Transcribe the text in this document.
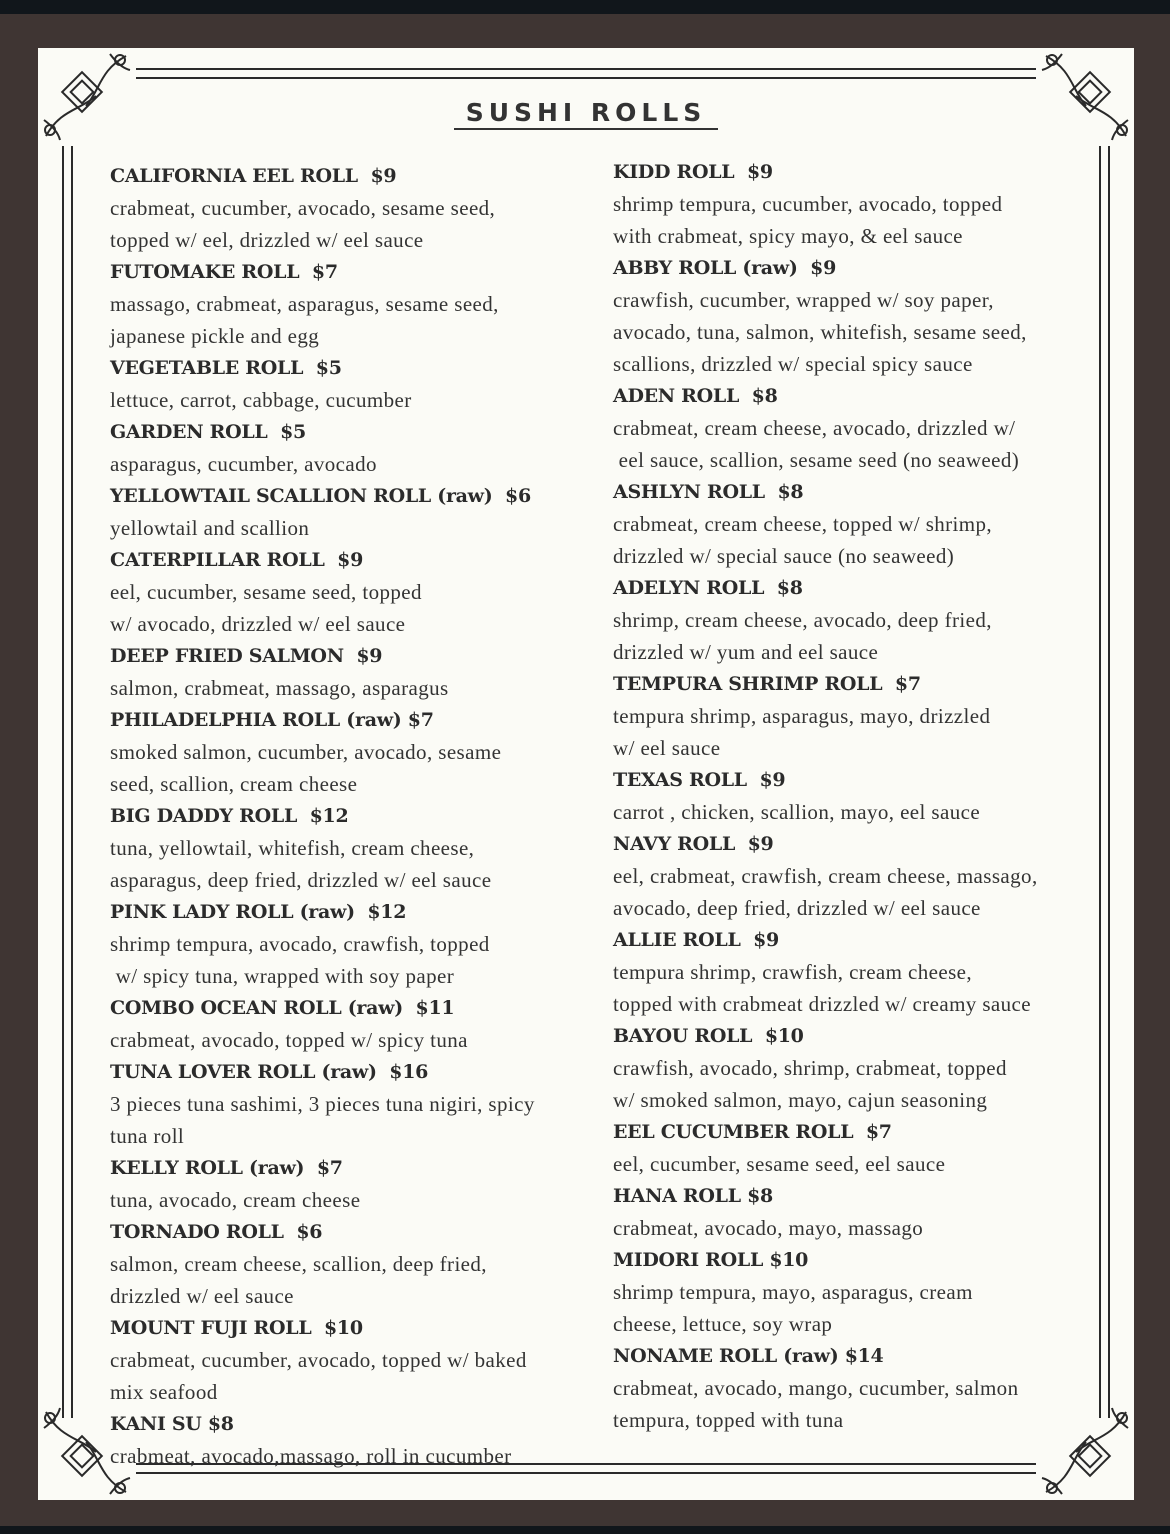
SUSHI ROLLS
CALIFORNIA EEL ROLL  $9
crabmeat, cucumber, avocado, sesame seed,
topped w/ eel, drizzled w/ eel sauce
FUTOMAKE ROLL  $7
massago, crabmeat, asparagus, sesame seed,
japanese pickle and egg
VEGETABLE ROLL  $5
lettuce, carrot, cabbage, cucumber
GARDEN ROLL  $5
asparagus, cucumber, avocado
YELLOWTAIL SCALLION ROLL (raw)  $6
yellowtail and scallion
CATERPILLAR ROLL  $9
eel, cucumber, sesame seed, topped
w/ avocado, drizzled w/ eel sauce
DEEP FRIED SALMON  $9
salmon, crabmeat, massago, asparagus
PHILADELPHIA ROLL (raw) $7
smoked salmon, cucumber, avocado, sesame
seed, scallion, cream cheese
BIG DADDY ROLL  $12
tuna, yellowtail, whitefish, cream cheese,
asparagus, deep fried, drizzled w/ eel sauce
PINK LADY ROLL (raw)  $12
shrimp tempura, avocado, crawfish, topped
w/ spicy tuna, wrapped with soy paper
COMBO OCEAN ROLL (raw)  $11
crabmeat, avocado, topped w/ spicy tuna
TUNA LOVER ROLL (raw)  $16
3 pieces tuna sashimi, 3 pieces tuna nigiri, spicy
tuna roll
KELLY ROLL (raw)  $7
tuna, avocado, cream cheese
TORNADO ROLL  $6
salmon, cream cheese, scallion, deep fried,
drizzled w/ eel sauce
MOUNT FUJI ROLL  $10
crabmeat, cucumber, avocado, topped w/ baked
mix seafood
KANI SU $8
crabmeat, avocado,massago, roll in cucumber
KIDD ROLL  $9
shrimp tempura, cucumber, avocado, topped
with crabmeat, spicy mayo, & eel sauce
ABBY ROLL (raw)  $9
crawfish, cucumber, wrapped w/ soy paper,
avocado, tuna, salmon, whitefish, sesame seed,
scallions, drizzled w/ special spicy sauce
ADEN ROLL  $8
crabmeat, cream cheese, avocado, drizzled w/
eel sauce, scallion, sesame seed (no seaweed)
ASHLYN ROLL  $8
crabmeat, cream cheese, topped w/ shrimp,
drizzled w/ special sauce (no seaweed)
ADELYN ROLL  $8
shrimp, cream cheese, avocado, deep fried,
drizzled w/ yum and eel sauce
TEMPURA SHRIMP ROLL  $7
tempura shrimp, asparagus, mayo, drizzled
w/ eel sauce
TEXAS ROLL  $9
carrot , chicken, scallion, mayo, eel sauce
NAVY ROLL  $9
eel, crabmeat, crawfish, cream cheese, massago,
avocado, deep fried, drizzled w/ eel sauce
ALLIE ROLL  $9
tempura shrimp, crawfish, cream cheese,
topped with crabmeat drizzled w/ creamy sauce
BAYOU ROLL  $10
crawfish, avocado, shrimp, crabmeat, topped
w/ smoked salmon, mayo, cajun seasoning
EEL CUCUMBER ROLL  $7
eel, cucumber, sesame seed, eel sauce
HANA ROLL $8
crabmeat, avocado, mayo, massago
MIDORI ROLL $10
shrimp tempura, mayo, asparagus, cream
cheese, lettuce, soy wrap
NONAME ROLL (raw) $14
crabmeat, avocado, mango, cucumber, salmon
tempura, topped with tuna
